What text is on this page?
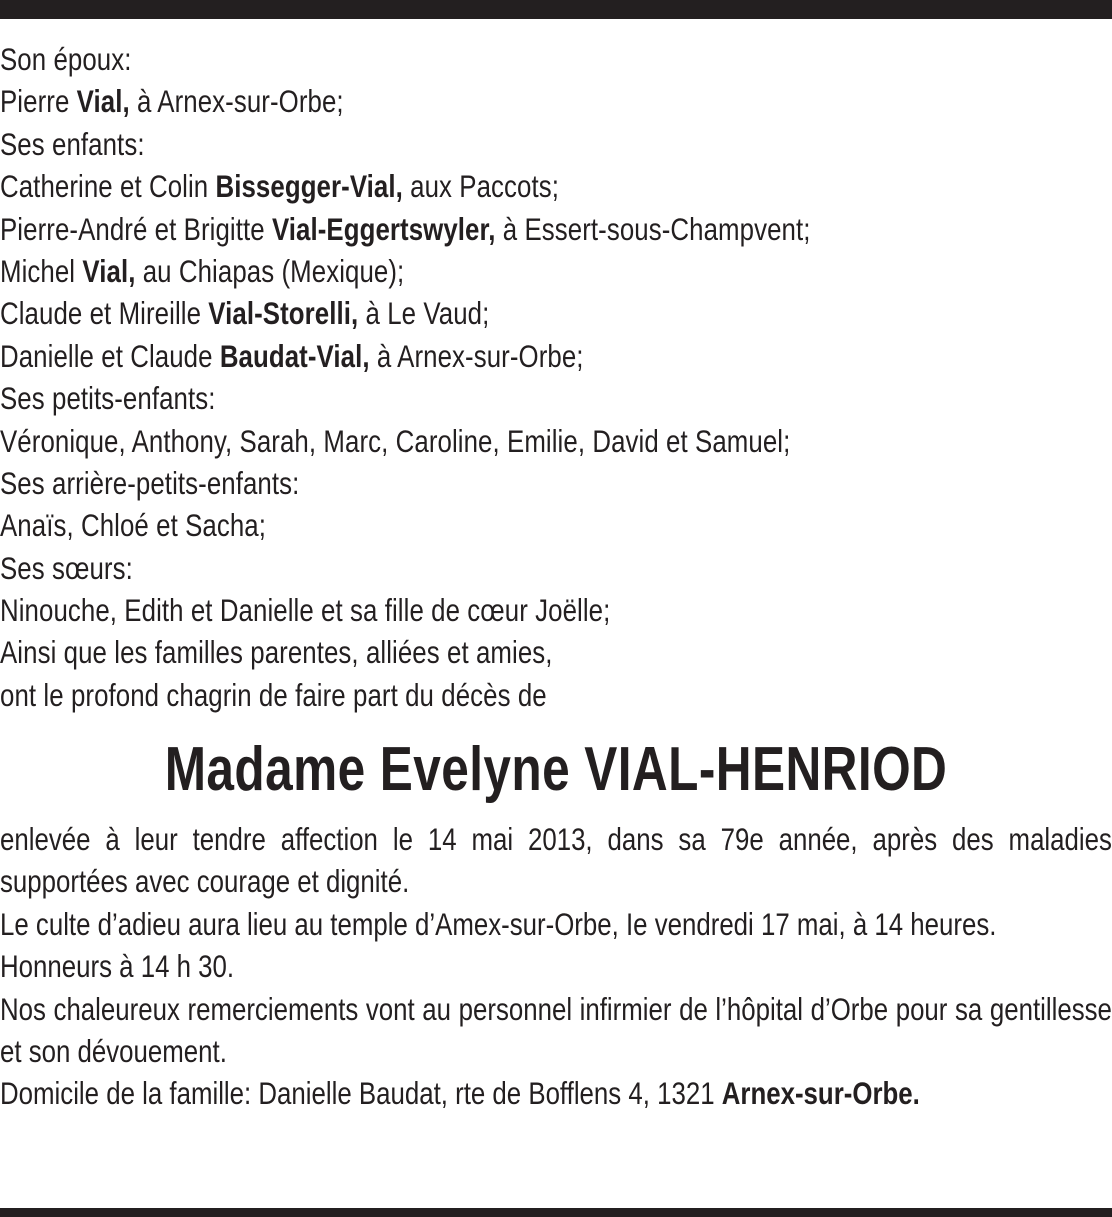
Son époux:
Pierre Vial, à Arnex-sur-Orbe;
Ses enfants:
Catherine et Colin Bissegger-Vial, aux Paccots;
Pierre-André et Brigitte Vial-Eggertswyler, à Essert-sous-Champvent;
Michel Vial, au Chiapas (Mexique);
Claude et Mireille Vial-Storelli, à Le Vaud;
Danielle et Claude Baudat-Vial, à Arnex-sur-Orbe;
Ses petits-enfants:
Véronique, Anthony, Sarah, Marc, Caroline, Emilie, David et Samuel;
Ses arrière-petits-enfants:
Anaïs, Chloé et Sacha;
Ses sœurs:
Ninouche, Edith et Danielle et sa fille de cœur Joëlle;
Ainsi que les familles parentes, alliées et amies,
ont le profond chagrin de faire part du décès de
Madame Evelyne VIAL-HENRIOD
enlevée à leur tendre affection le 14 mai 2013, dans sa 79e année, après des maladies supportées avec courage et dignité.
Le culte d’adieu aura lieu au temple d’Amex-sur-Orbe, Ie vendredi 17 mai, à 14 heures.
Honneurs à 14 h 30.
Nos chaleureux remerciements vont au personnel infirmier de l’hôpital d’Orbe pour sa gentillesse et son dévouement.
Domicile de la famille: Danielle Baudat, rte de Bofflens 4, 1321 Arnex-sur-Orbe.
